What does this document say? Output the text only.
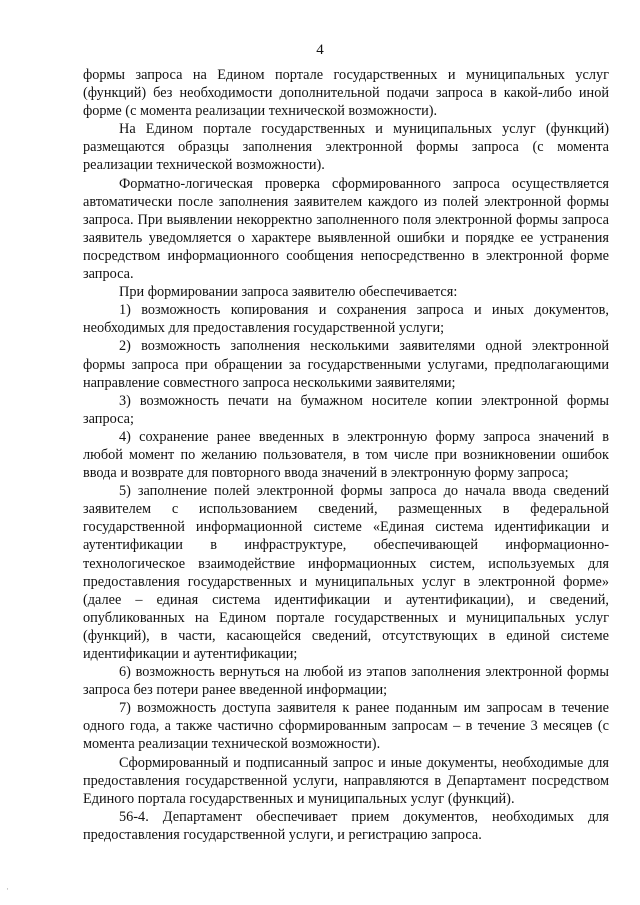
4

формы запроса на Едином портале государственных и муниципальных услуг (функций) без необходимости дополнительной подачи запроса в какой-либо иной форме (с момента реализации технической возможности).

На Едином портале государственных и муниципальных услуг (функций) размещаются образцы заполнения электронной формы запроса (с момента реализации технической возможности).

Форматно-логическая проверка сформированного запроса осуществляется автоматически после заполнения заявителем каждого из полей электронной формы запроса. При выявлении некорректно заполненного поля электронной формы запроса заявитель уведомляется о характере выявленной ошибки и порядке ее устранения посредством информационного сообщения непосредственно в электронной форме запроса.

При формировании запроса заявителю обеспечивается:

1) возможность копирования и сохранения запроса и иных документов, необходимых для предоставления государственной услуги;

2) возможность заполнения несколькими заявителями одной электронной формы запроса при обращении за государственными услугами, предполагающими направление совместного запроса несколькими заявителями;

3) возможность печати на бумажном носителе копии электронной формы запроса;

4) сохранение ранее введенных в электронную форму запроса значений в любой момент по желанию пользователя, в том числе при возникновении ошибок ввода и возврате для повторного ввода значений в электронную форму запроса;

5) заполнение полей электронной формы запроса до начала ввода сведений заявителем с использованием сведений, размещенных в федеральной государственной информационной системе «Единая система идентификации и аутентификации в инфраструктуре, обеспечивающей информационно-технологическое взаимодействие информационных систем, используемых для предоставления государственных и муниципальных услуг в электронной форме» (далее – единая система идентификации и аутентификации), и сведений, опубликованных на Едином портале государственных и муниципальных услуг (функций), в части, касающейся сведений, отсутствующих в единой системе идентификации и аутентификации;

6) возможность вернуться на любой из этапов заполнения электронной формы запроса без потери ранее введенной информации;

7) возможность доступа заявителя к ранее поданным им запросам в течение одного года, а также частично сформированным запросам – в течение 3 месяцев (с момента реализации технической возможности).

Сформированный и подписанный запрос и иные документы, необходимые для предоставления государственной услуги, направляются в Департамент посредством Единого портала государственных и муниципальных услуг (функций).

56-4. Департамент обеспечивает прием документов, необходимых для предоставления государственной услуги, и регистрацию запроса.

·
